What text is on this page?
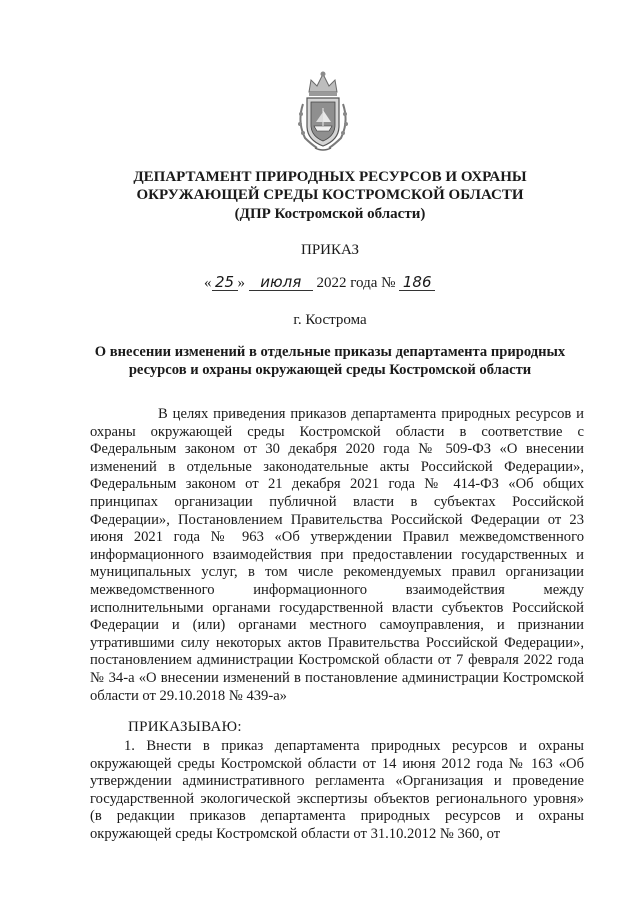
ДЕПАРТАМЕНТ ПРИРОДНЫХ РЕСУРСОВ И ОХРАНЫ
ОКРУЖАЮЩЕЙ СРЕДЫ КОСТРОМСКОЙ ОБЛАСТИ
(ДПР Костромской области)
ПРИКАЗ
« 25 » июля 2022 года № 186
г. Кострома
О внесении изменений в отдельные приказы департамента природных ресурсов и охраны окружающей среды Костромской области

В целях приведения приказов департамента природных ресурсов и охраны окружающей среды Костромской области в соответствие с Федеральным законом от 30 декабря 2020 года № 509-ФЗ «О внесении изменений в отдельные законодательные акты Российской Федерации», Федеральным законом от 21 декабря 2021 года № 414-ФЗ «Об общих принципах организации публичной власти в субъектах Российской Федерации», Постановлением Правительства Российской Федерации от 23 июня 2021 года № 963 «Об утверждении Правил межведомственного информационного взаимодействия при предоставлении государственных и муниципальных услуг, в том числе рекомендуемых правил организации межведомственного информационного взаимодействия между исполнительными органами государственной власти субъектов Российской Федерации и (или) органами местного самоуправления, и признании утратившими силу некоторых актов Правительства Российской Федерации», постановлением администрации Костромской области от 7 февраля 2022 года № 34-а «О внесении изменений в постановление администрации Костромской области от 29.10.2018 № 439-а»

ПРИКАЗЫВАЮ:

1. Внести в приказ департамента природных ресурсов и охраны окружающей среды Костромской области от 14 июня 2012 года № 163 «Об утверждении административного регламента «Организация и проведение государственной экологической экспертизы объектов регионального уровня» (в редакции приказов департамента природных ресурсов и охраны окружающей среды Костромской области от 31.10.2012 № 360, от
